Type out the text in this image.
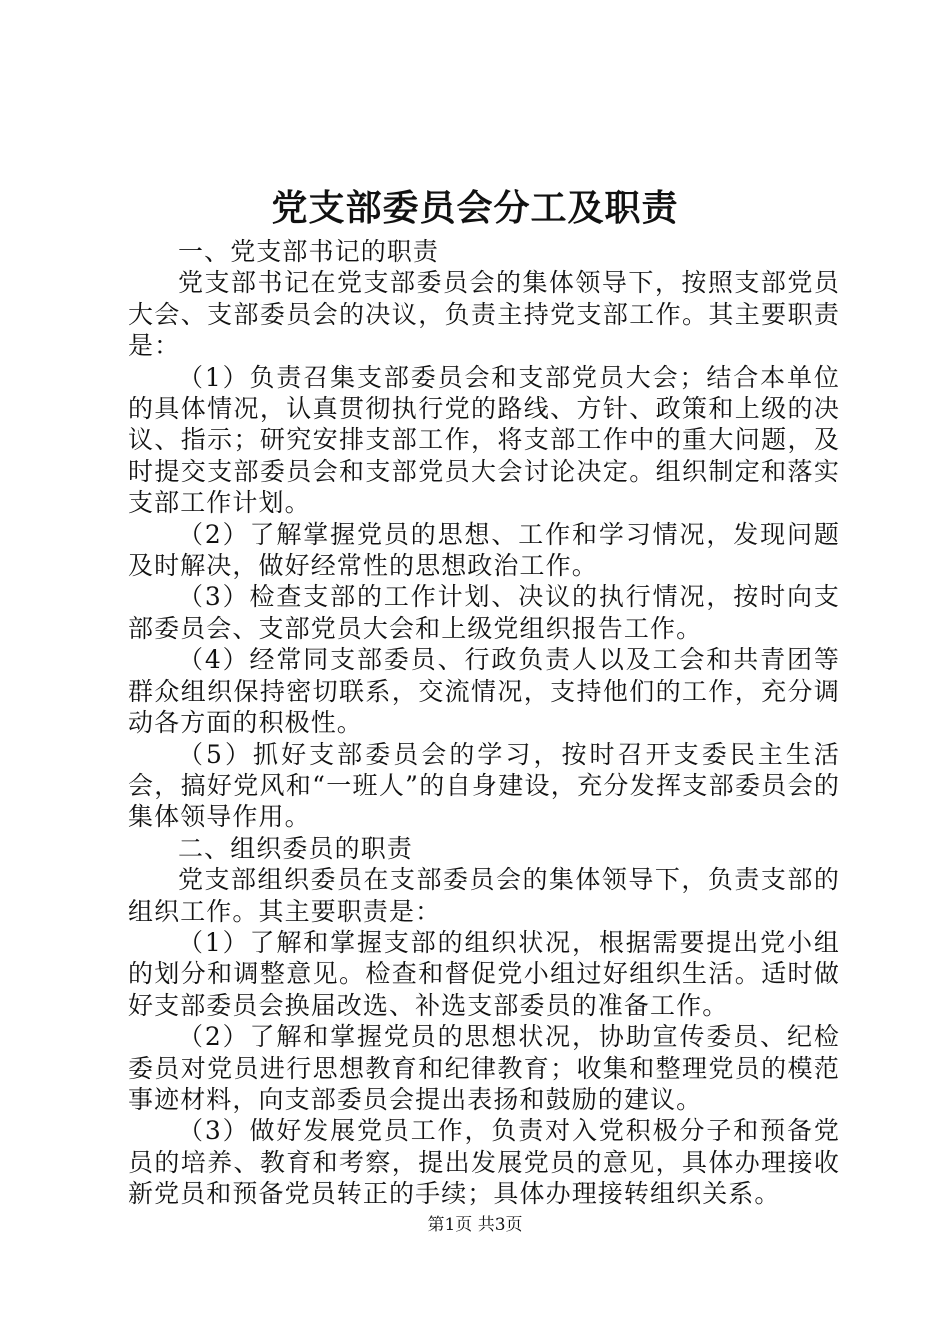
党支部委员会分工及职责

一、党支部书记的职责

党支部书记在党支部委员会的集体领导下，按照支部党员大会、支部委员会的决议，负责主持党支部工作。其主要职责是：

（1）负责召集支部委员会和支部党员大会；结合本单位的具体情况，认真贯彻执行党的路线、方针、政策和上级的决议、指示；研究安排支部工作，将支部工作中的重大问题，及时提交支部委员会和支部党员大会讨论决定。组织制定和落实支部工作计划。

（2）了解掌握党员的思想、工作和学习情况，发现问题及时解决，做好经常性的思想政治工作。

（3）检查支部的工作计划、决议的执行情况，按时向支部委员会、支部党员大会和上级党组织报告工作。

（4）经常同支部委员、行政负责人以及工会和共青团等群众组织保持密切联系，交流情况，支持他们的工作，充分调动各方面的积极性。

（5）抓好支部委员会的学习，按时召开支委民主生活会，搞好党风和“一班人”的自身建设，充分发挥支部委员会的集体领导作用。

二、组织委员的职责

党支部组织委员在支部委员会的集体领导下，负责支部的组织工作。其主要职责是：

（1）了解和掌握支部的组织状况，根据需要提出党小组的划分和调整意见。检查和督促党小组过好组织生活。适时做好支部委员会换届改选、补选支部委员的准备工作。

（2）了解和掌握党员的思想状况，协助宣传委员、纪检委员对党员进行思想教育和纪律教育；收集和整理党员的模范事迹材料，向支部委员会提出表扬和鼓励的建议。

（3）做好发展党员工作，负责对入党积极分子和预备党员的培养、教育和考察，提出发展党员的意见，具体办理接收新党员和预备党员转正的手续；具体办理接转组织关系。

第1页 共3页
